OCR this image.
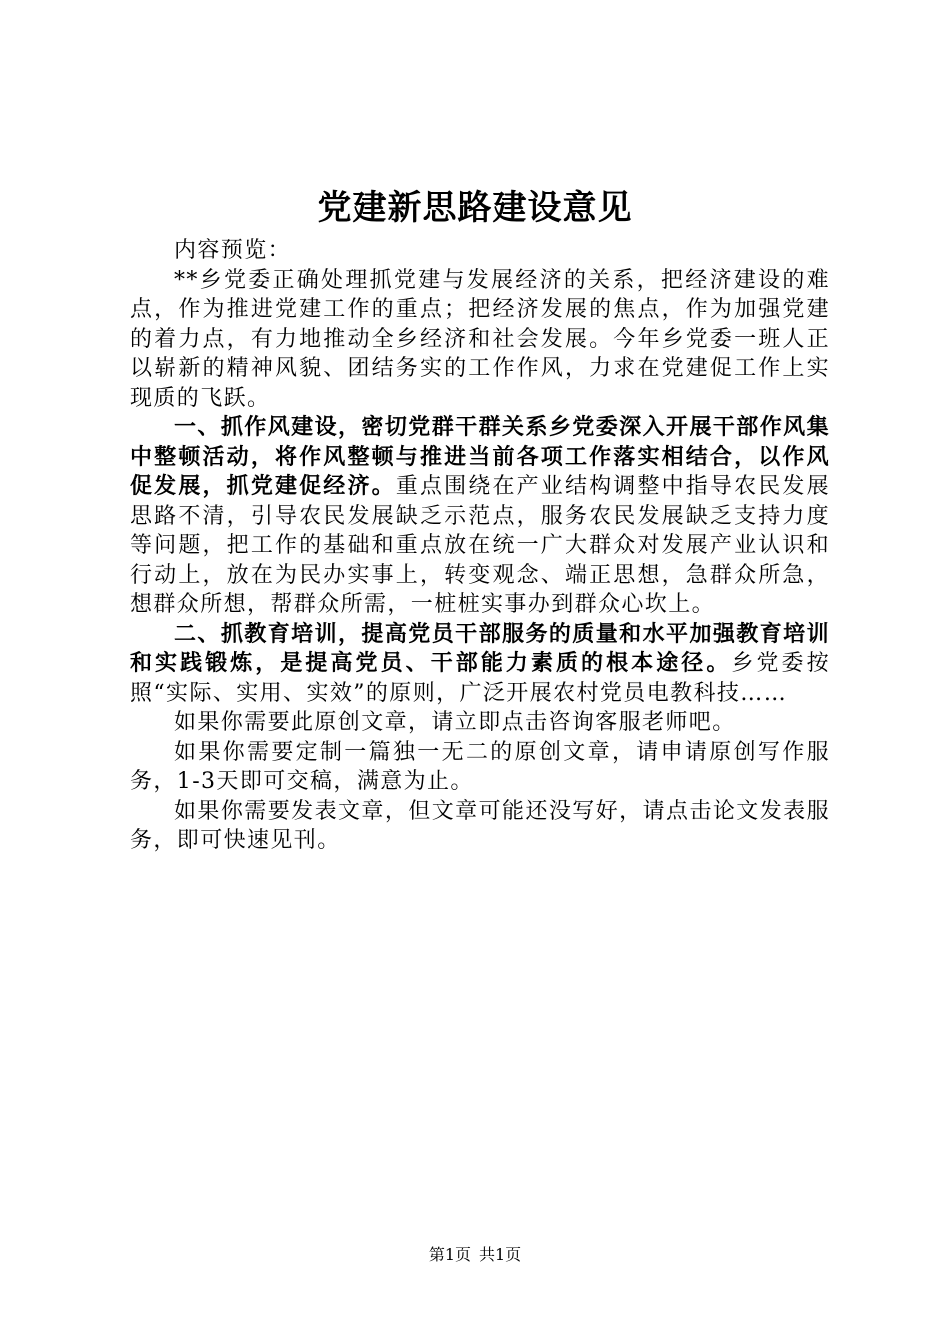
党建新思路建设意见

内容预览：

**乡党委正确处理抓党建与发展经济的关系，把经济建设的难点，作为推进党建工作的重点；把经济发展的焦点，作为加强党建的着力点，有力地推动全乡经济和社会发展。今年乡党委一班人正以崭新的精神风貌、团结务实的工作作风，力求在党建促工作上实现质的飞跃。

一、抓作风建设，密切党群干群关系乡党委深入开展干部作风集中整顿活动，将作风整顿与推进当前各项工作落实相结合，以作风促发展，抓党建促经济。重点围绕在产业结构调整中指导农民发展思路不清，引导农民发展缺乏示范点，服务农民发展缺乏支持力度等问题，把工作的基础和重点放在统一广大群众对发展产业认识和行动上，放在为民办实事上，转变观念、端正思想，急群众所急，想群众所想，帮群众所需，一桩桩实事办到群众心坎上。

二、抓教育培训，提高党员干部服务的质量和水平加强教育培训和实践锻炼，是提高党员、干部能力素质的根本途径。乡党委按照“实际、实用、实效”的原则，广泛开展农村党员电教科技……

如果你需要此原创文章，请立即点击咨询客服老师吧。

如果你需要定制一篇独一无二的原创文章，请申请原创写作服务，1-3天即可交稿，满意为止。

如果你需要发表文章，但文章可能还没写好，请点击论文发表服务，即可快速见刊。

第1页 共1页
